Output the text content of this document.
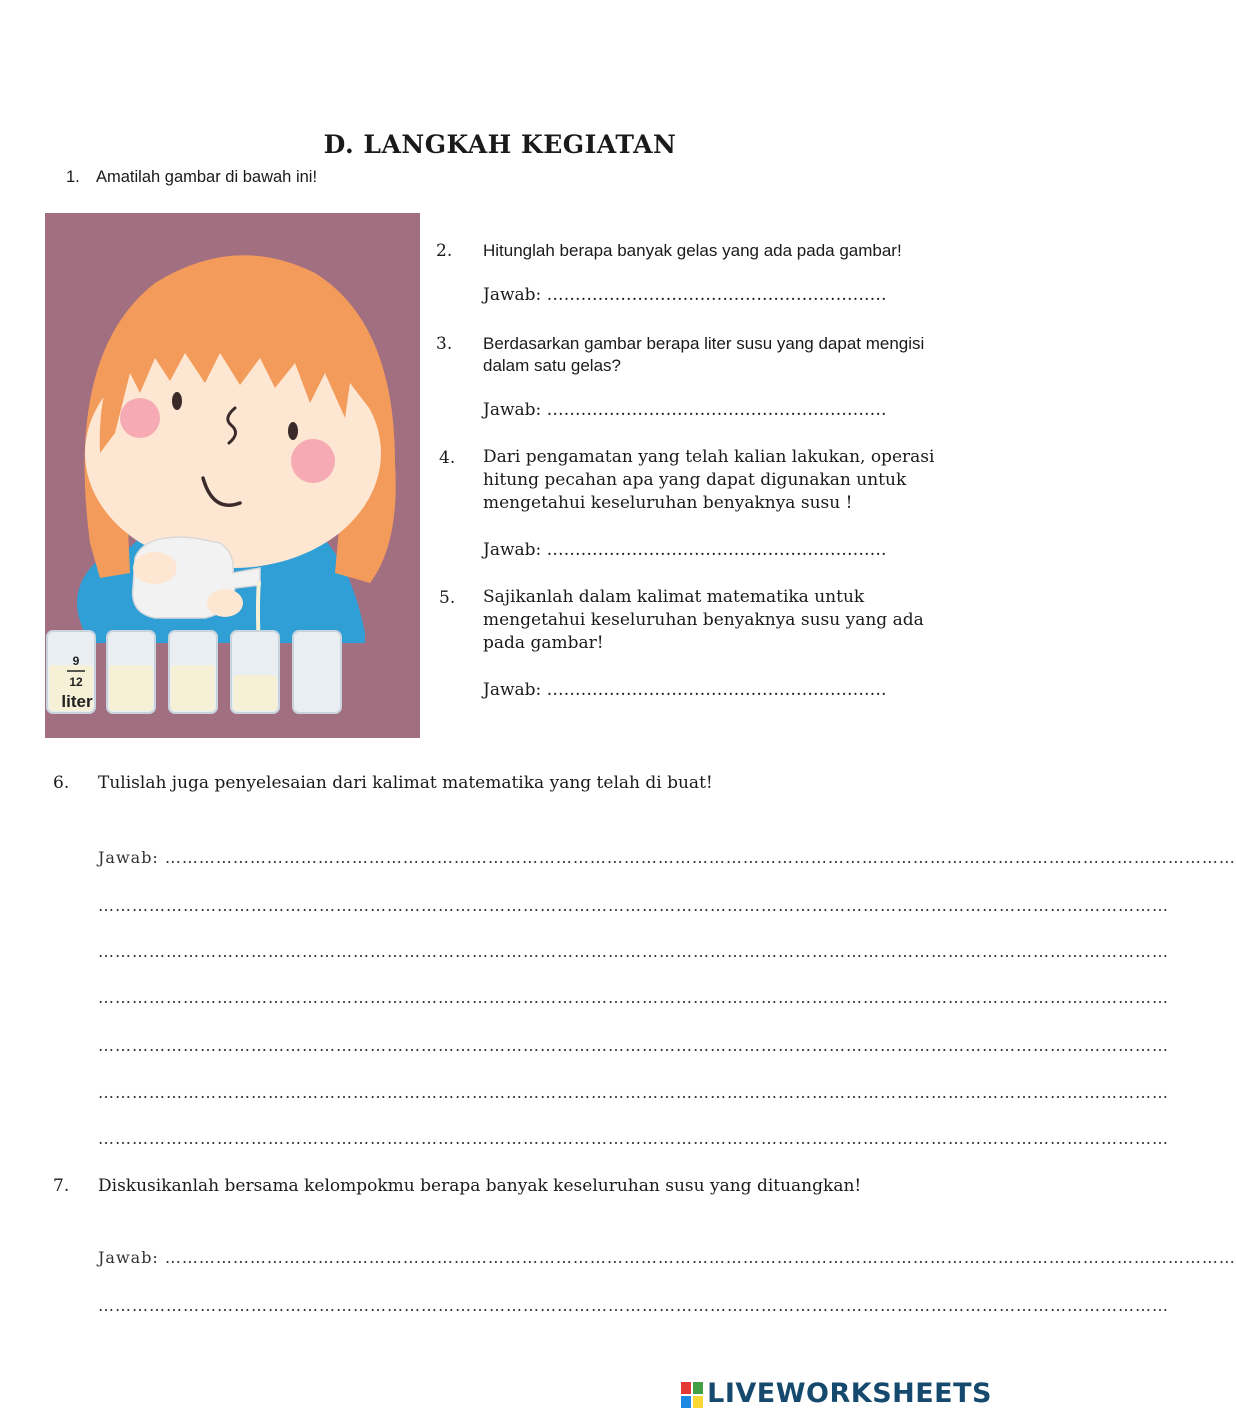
D. LANGKAH KEGIATAN
1. Amatilah gambar di bawah ini!
9
12
liter
2. Hitunglah berapa banyak gelas yang ada pada gambar!
Jawab: ……………………………………………………
3. Berdasarkan gambar berapa liter susu yang dapat mengisi
dalam satu gelas?
Jawab: ……………………………………………………
4. Dari pengamatan yang telah kalian lakukan, operasi
hitung pecahan apa yang dapat digunakan untuk
mengetahui keseluruhan benyaknya susu !
Jawab: ……………………………………………………
5. Sajikanlah dalam kalimat matematika untuk
mengetahui keseluruhan benyaknya susu yang ada
pada gambar!
Jawab: ……………………………………………………
6. Tulislah juga penyelesaian dari kalimat matematika yang telah di buat!
Jawab: ………………………………………………………………………………………………………………………………………………………………………
………………………………………………………………………………………………………………………………………………………………………
………………………………………………………………………………………………………………………………………………………………………
………………………………………………………………………………………………………………………………………………………………………
………………………………………………………………………………………………………………………………………………………………………
………………………………………………………………………………………………………………………………………………………………………
………………………………………………………………………………………………………………………………………………………………………
7. Diskusikanlah bersama kelompokmu berapa banyak keseluruhan susu yang dituangkan!
Jawab: ………………………………………………………………………………………………………………………………………………………………………
………………………………………………………………………………………………………………………………………………………………………
LIVEWORKSHEETS
